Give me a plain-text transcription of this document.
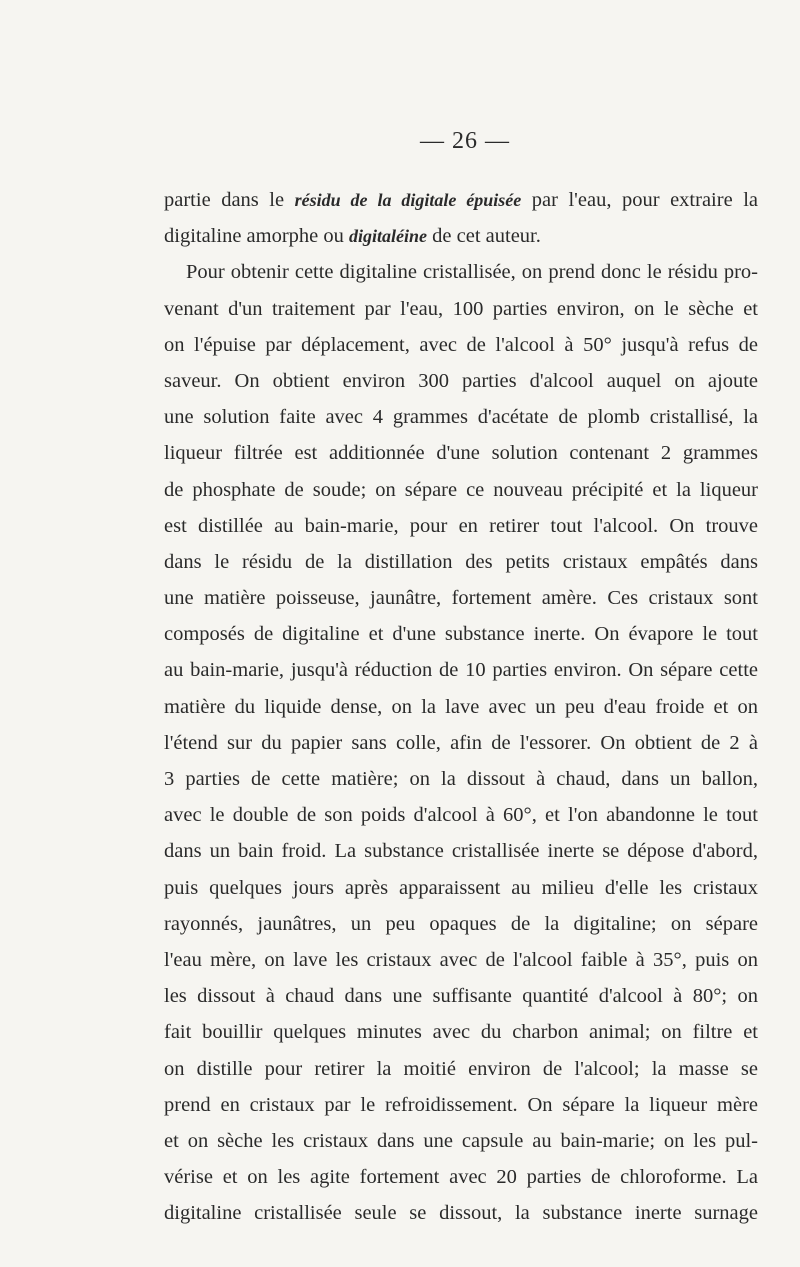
— 26 —
partie dans le résidu de la digitale épuisée par l'eau, pour extraire la
digitaline amorphe ou digitaléine de cet auteur.
Pour obtenir cette digitaline cristallisée, on prend donc le résidu pro-
venant d'un traitement par l'eau, 100 parties environ, on le sèche et
on l'épuise par déplacement, avec de l'alcool à 50° jusqu'à refus de
saveur. On obtient environ 300 parties d'alcool auquel on ajoute
une solution faite avec 4 grammes d'acétate de plomb cristallisé, la
liqueur filtrée est additionnée d'une solution contenant 2 grammes
de phosphate de soude; on sépare ce nouveau précipité et la liqueur
est distillée au bain-marie, pour en retirer tout l'alcool. On trouve
dans le résidu de la distillation des petits cristaux empâtés dans
une matière poisseuse, jaunâtre, fortement amère. Ces cristaux sont
composés de digitaline et d'une substance inerte. On évapore le tout
au bain-marie, jusqu'à réduction de 10 parties environ. On sépare cette
matière du liquide dense, on la lave avec un peu d'eau froide et on
l'étend sur du papier sans colle, afin de l'essorer. On obtient de 2 à
3 parties de cette matière; on la dissout à chaud, dans un ballon,
avec le double de son poids d'alcool à 60°, et l'on abandonne le tout
dans un bain froid. La substance cristallisée inerte se dépose d'abord,
puis quelques jours après apparaissent au milieu d'elle les cristaux
rayonnés, jaunâtres, un peu opaques de la digitaline; on sépare
l'eau mère, on lave les cristaux avec de l'alcool faible à 35°, puis on
les dissout à chaud dans une suffisante quantité d'alcool à 80°; on
fait bouillir quelques minutes avec du charbon animal; on filtre et
on distille pour retirer la moitié environ de l'alcool; la masse se
prend en cristaux par le refroidissement. On sépare la liqueur mère
et on sèche les cristaux dans une capsule au bain-marie; on les pul-
vérise et on les agite fortement avec 20 parties de chloroforme. La
digitaline cristallisée seule se dissout, la substance inerte surnage
